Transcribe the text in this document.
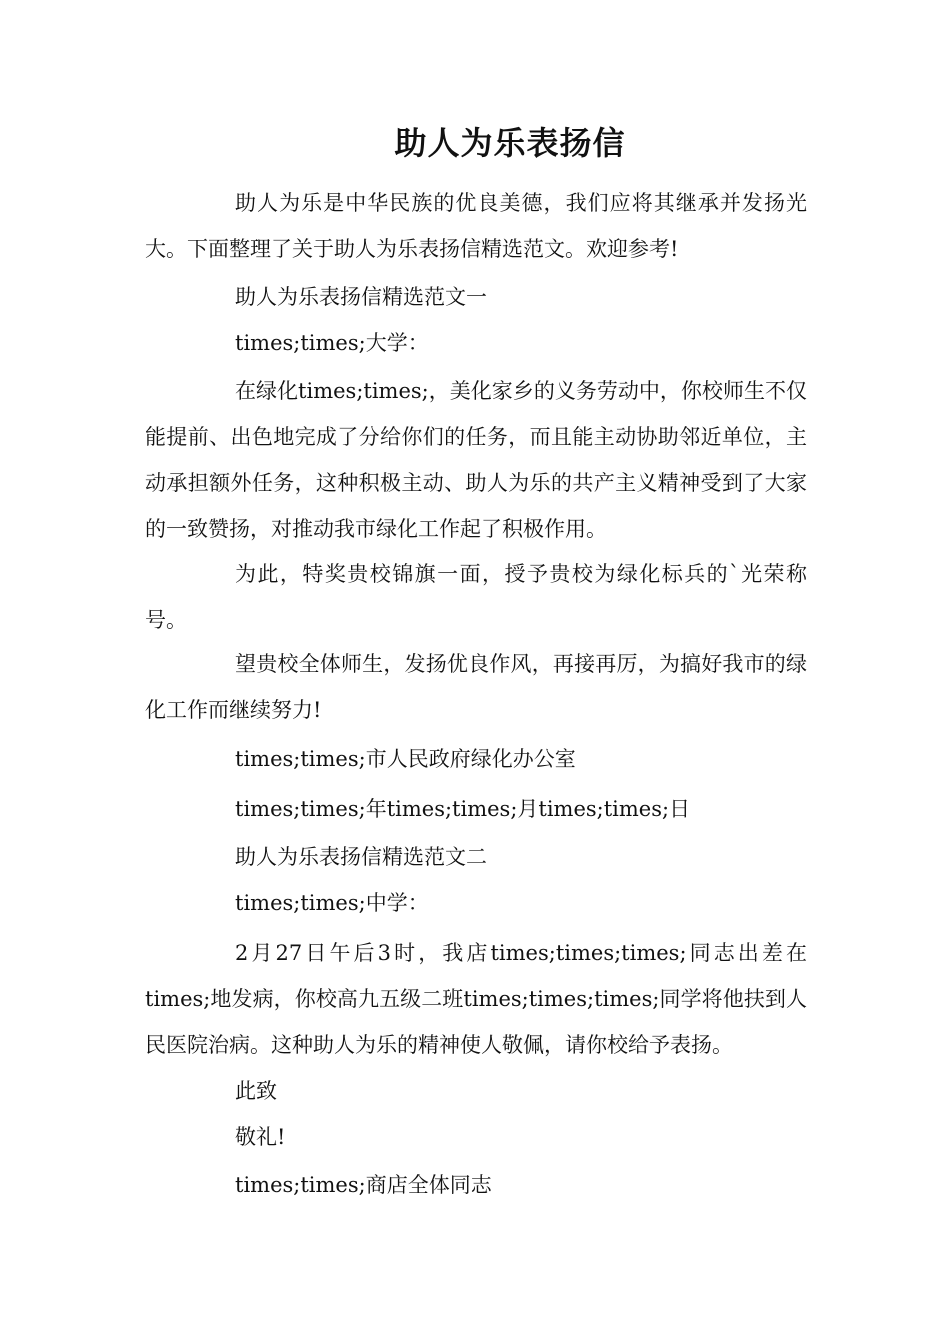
助人为乐表扬信

助人为乐是中华民族的优良美德，我们应将其继承并发扬光大。下面整理了关于助人为乐表扬信精选范文。欢迎参考!

助人为乐表扬信精选范文一

times;times;大学：

在绿化times;times;，美化家乡的义务劳动中，你校师生不仅能提前、出色地完成了分给你们的任务，而且能主动协助邻近单位，主动承担额外任务，这种积极主动、助人为乐的共产主义精神受到了大家的一致赞扬，对推动我市绿化工作起了积极作用。

为此，特奖贵校锦旗一面，授予贵校为绿化标兵的`光荣称号。

望贵校全体师生，发扬优良作风，再接再厉，为搞好我市的绿化工作而继续努力!

times;times;市人民政府绿化办公室

times;times;年times;times;月times;times;日

助人为乐表扬信精选范文二

times;times;中学：

2月27日午后3时，我店times;times;times;同志出差在times;地发病，你校高九五级二班times;times;times;同学将他扶到人民医院治病。这种助人为乐的精神使人敬佩，请你校给予表扬。

此致

敬礼!

times;times;商店全体同志
